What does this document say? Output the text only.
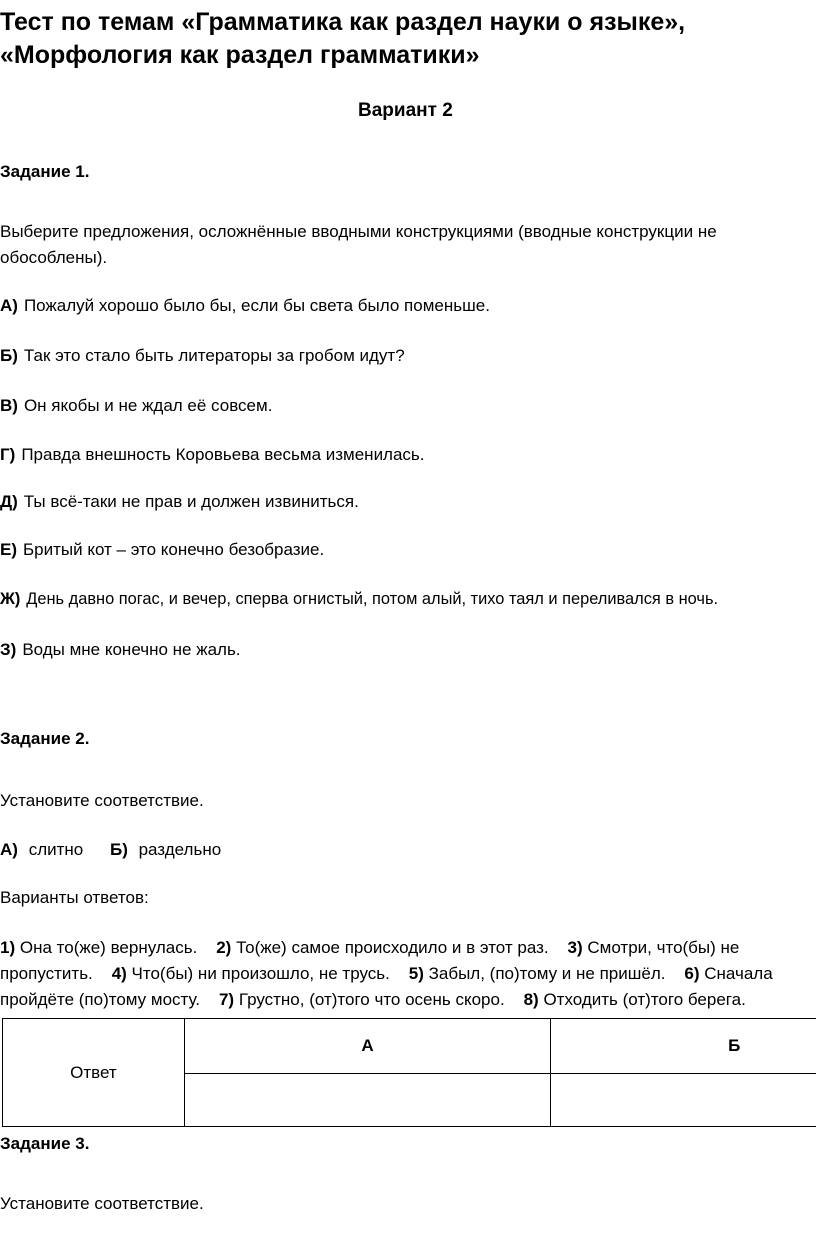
Тест по темам «Грамматика как раздел науки о языке»,
«Морфология как раздел грамматики»
Вариант 2
Задание 1.
Выберите предложения, осложнённые вводными конструкциями (вводные конструкции не обособлены).
А) Пожалуй хорошо было бы, если бы света было поменьше.
Б) Так это стало быть литераторы за гробом идут?
В) Он якобы и не ждал её совсем.
Г) Правда внешность Коровьева весьма изменилась.
Д) Ты всё-таки не прав и должен извиниться.
Е) Бритый кот – это конечно безобразие.
Ж) День давно погас, и вечер, сперва огнистый, потом алый, тихо таял и переливался в ночь.
З) Воды мне конечно не жаль.
Задание 2.
Установите соответствие.
А) слитно Б) раздельно
Варианты ответов:
1) Она то(же) вернулась. 2) То(же) самое происходило и в этот раз. 3) Смотри, что(бы) не пропустить. 4) Что(бы) ни произошло, не трусь. 5) Забыл, (по)тому и не пришёл. 6) Сначала пройдёте (по)тому мосту. 7) Грустно, (от)того что осень скоро. 8) Отходить (от)того берега.
Ответ	А	Б

Задание 3.
Установите соответствие.
